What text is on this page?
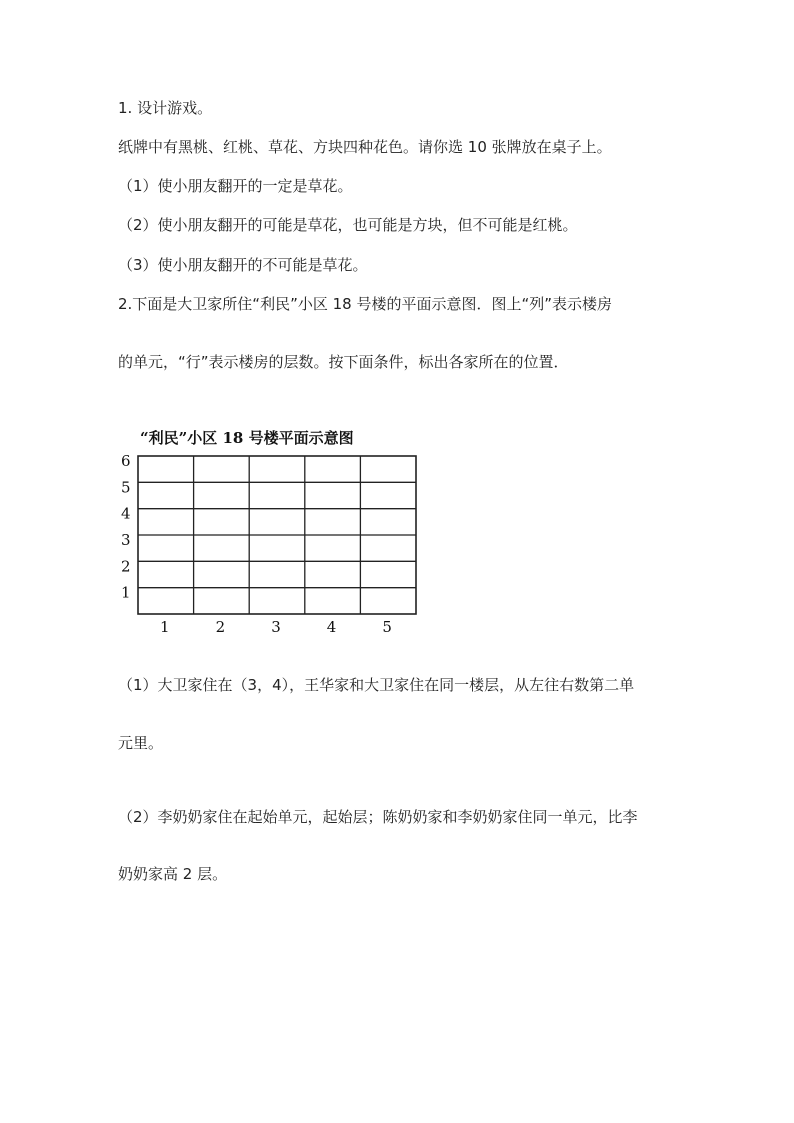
1. 设计游戏。
纸牌中有黑桃、红桃、草花、方块四种花色。请你选 10 张牌放在桌子上。
（1）使小朋友翻开的一定是草花。
（2）使小朋友翻开的可能是草花，也可能是方块，但不可能是红桃。
（3）使小朋友翻开的不可能是草花。
2.下面是大卫家所住“利民”小区 18 号楼的平面示意图．图上“列”表示楼房
的单元，“行”表示楼房的层数。按下面条件，标出各家所在的位置．
“利民”小区 18 号楼平面示意图
6
5
4
3
2
1
1	2	3	4	5
（1）大卫家住在（3，4），王华家和大卫家住在同一楼层，从左往右数第二单
元里。
（2）李奶奶家住在起始单元，起始层；陈奶奶家和李奶奶家住同一单元，比李
奶奶家高 2 层。
